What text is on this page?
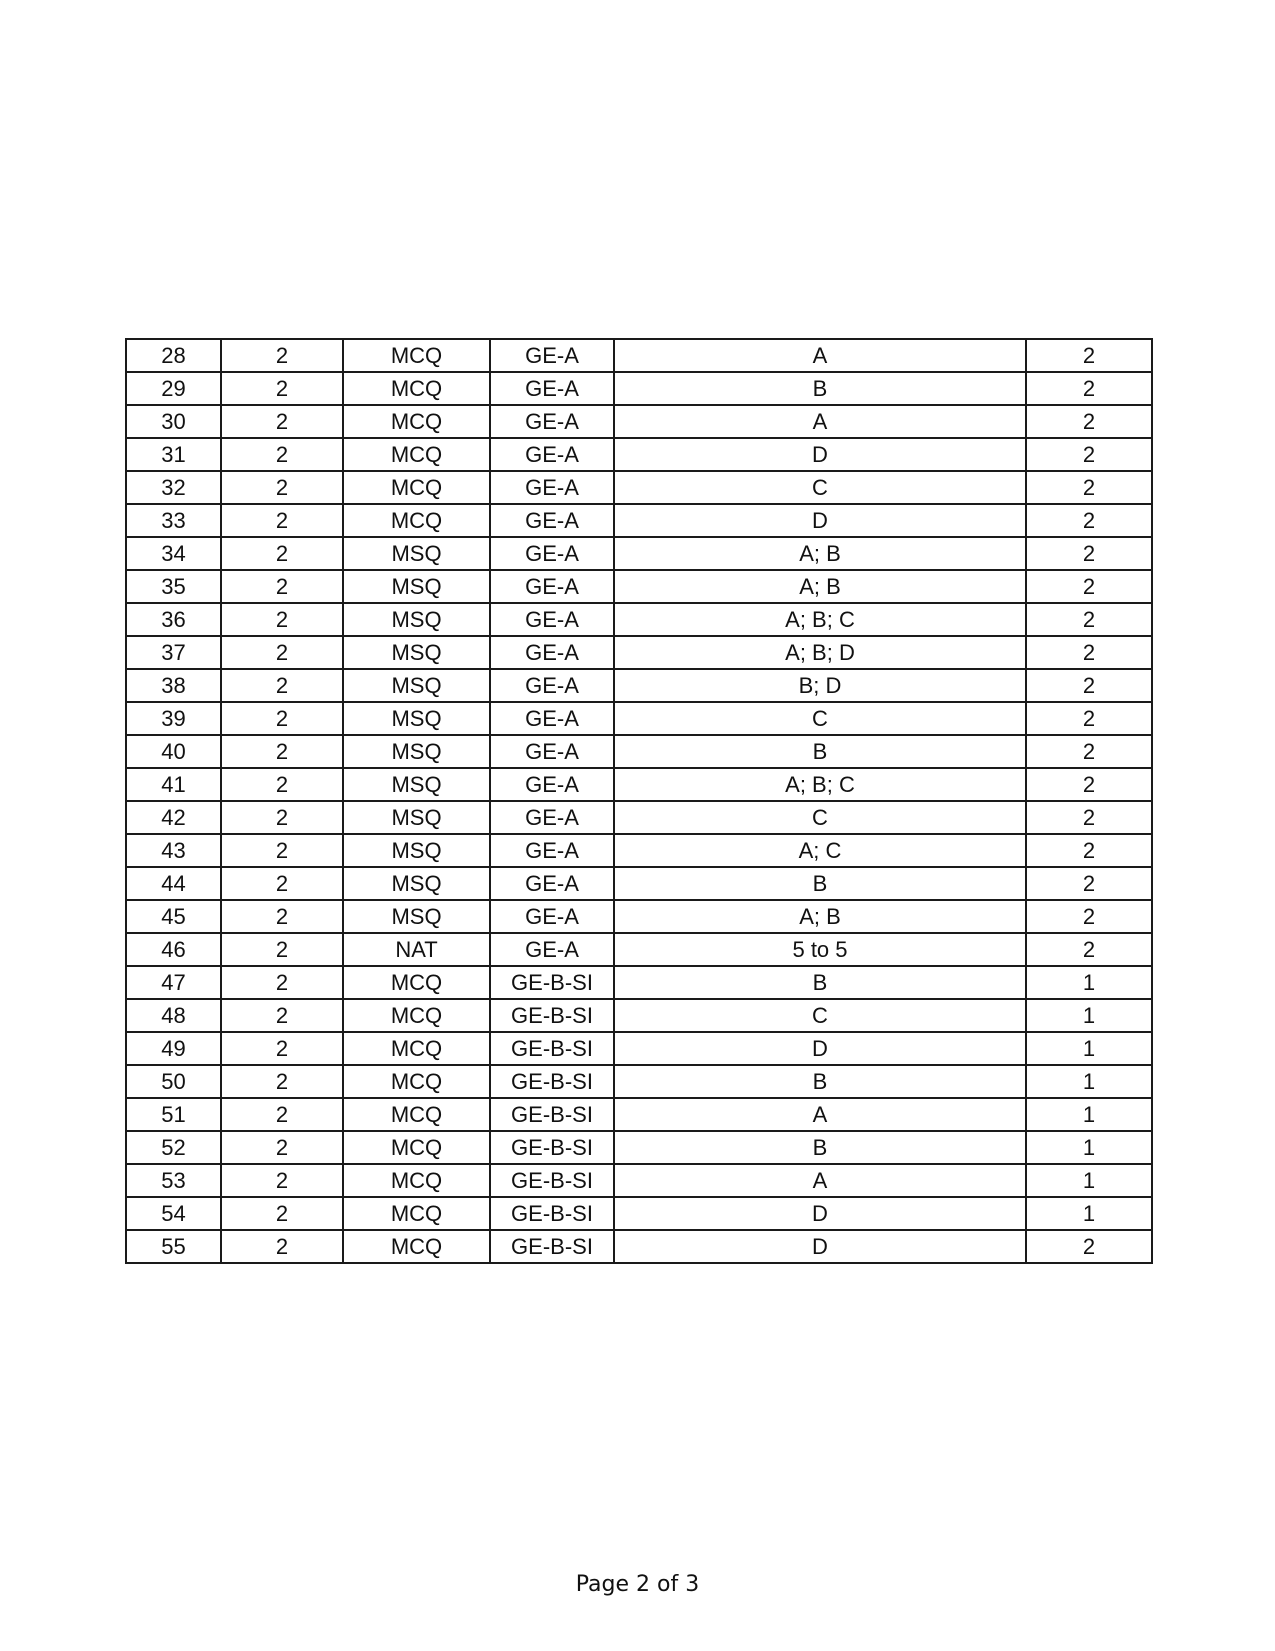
28	2	MCQ	GE-A	A	2
29	2	MCQ	GE-A	B	2
30	2	MCQ	GE-A	A	2
31	2	MCQ	GE-A	D	2
32	2	MCQ	GE-A	C	2
33	2	MCQ	GE-A	D	2
34	2	MSQ	GE-A	A; B	2
35	2	MSQ	GE-A	A; B	2
36	2	MSQ	GE-A	A; B; C	2
37	2	MSQ	GE-A	A; B; D	2
38	2	MSQ	GE-A	B; D	2
39	2	MSQ	GE-A	C	2
40	2	MSQ	GE-A	B	2
41	2	MSQ	GE-A	A; B; C	2
42	2	MSQ	GE-A	C	2
43	2	MSQ	GE-A	A; C	2
44	2	MSQ	GE-A	B	2
45	2	MSQ	GE-A	A; B	2
46	2	NAT	GE-A	5 to 5	2
47	2	MCQ	GE-B-SI	B	1
48	2	MCQ	GE-B-SI	C	1
49	2	MCQ	GE-B-SI	D	1
50	2	MCQ	GE-B-SI	B	1
51	2	MCQ	GE-B-SI	A	1
52	2	MCQ	GE-B-SI	B	1
53	2	MCQ	GE-B-SI	A	1
54	2	MCQ	GE-B-SI	D	1
55	2	MCQ	GE-B-SI	D	2
Page 2 of 3
